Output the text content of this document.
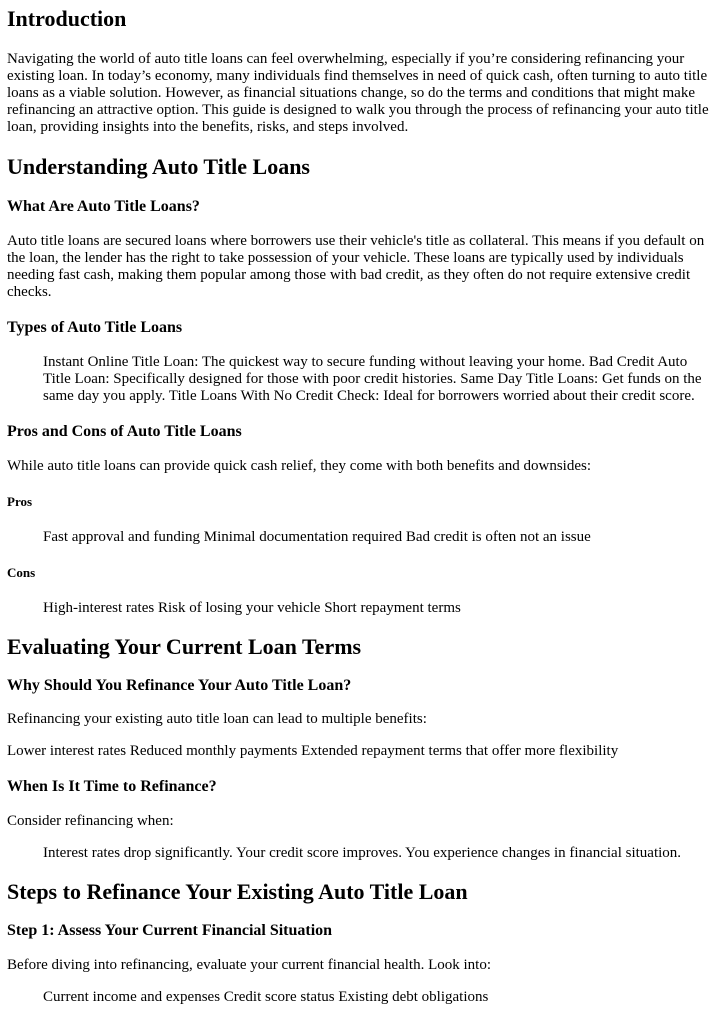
Introduction

Navigating the world of auto title loans can feel overwhelming, especially if you’re considering refinancing your existing loan. In today’s economy, many individuals find themselves in need of quick cash, often turning to auto title loans as a viable solution. However, as financial situations change, so do the terms and conditions that might make refinancing an attractive option. This guide is designed to walk you through the process of refinancing your auto title loan, providing insights into the benefits, risks, and steps involved.

Understanding Auto Title Loans
What Are Auto Title Loans?

Auto title loans are secured loans where borrowers use their vehicle's title as collateral. This means if you default on the loan, the lender has the right to take possession of your vehicle. These loans are typically used by individuals needing fast cash, making them popular among those with bad credit, as they often do not require extensive credit checks.

Types of Auto Title Loans

Instant Online Title Loan: The quickest way to secure funding without leaving your home. Bad Credit Auto Title Loan: Specifically designed for those with poor credit histories. Same Day Title Loans: Get funds on the same day you apply. Title Loans With No Credit Check: Ideal for borrowers worried about their credit score.

Pros and Cons of Auto Title Loans

While auto title loans can provide quick cash relief, they come with both benefits and downsides:

Pros

Fast approval and funding Minimal documentation required Bad credit is often not an issue

Cons

High-interest rates Risk of losing your vehicle Short repayment terms

Evaluating Your Current Loan Terms
Why Should You Refinance Your Auto Title Loan?

Refinancing your existing auto title loan can lead to multiple benefits:

Lower interest rates Reduced monthly payments Extended repayment terms that offer more flexibility

When Is It Time to Refinance?

Consider refinancing when:

Interest rates drop significantly. Your credit score improves. You experience changes in financial situation.

Steps to Refinance Your Existing Auto Title Loan
Step 1: Assess Your Current Financial Situation

Before diving into refinancing, evaluate your current financial health. Look into:

Current income and expenses Credit score status Existing debt obligations
